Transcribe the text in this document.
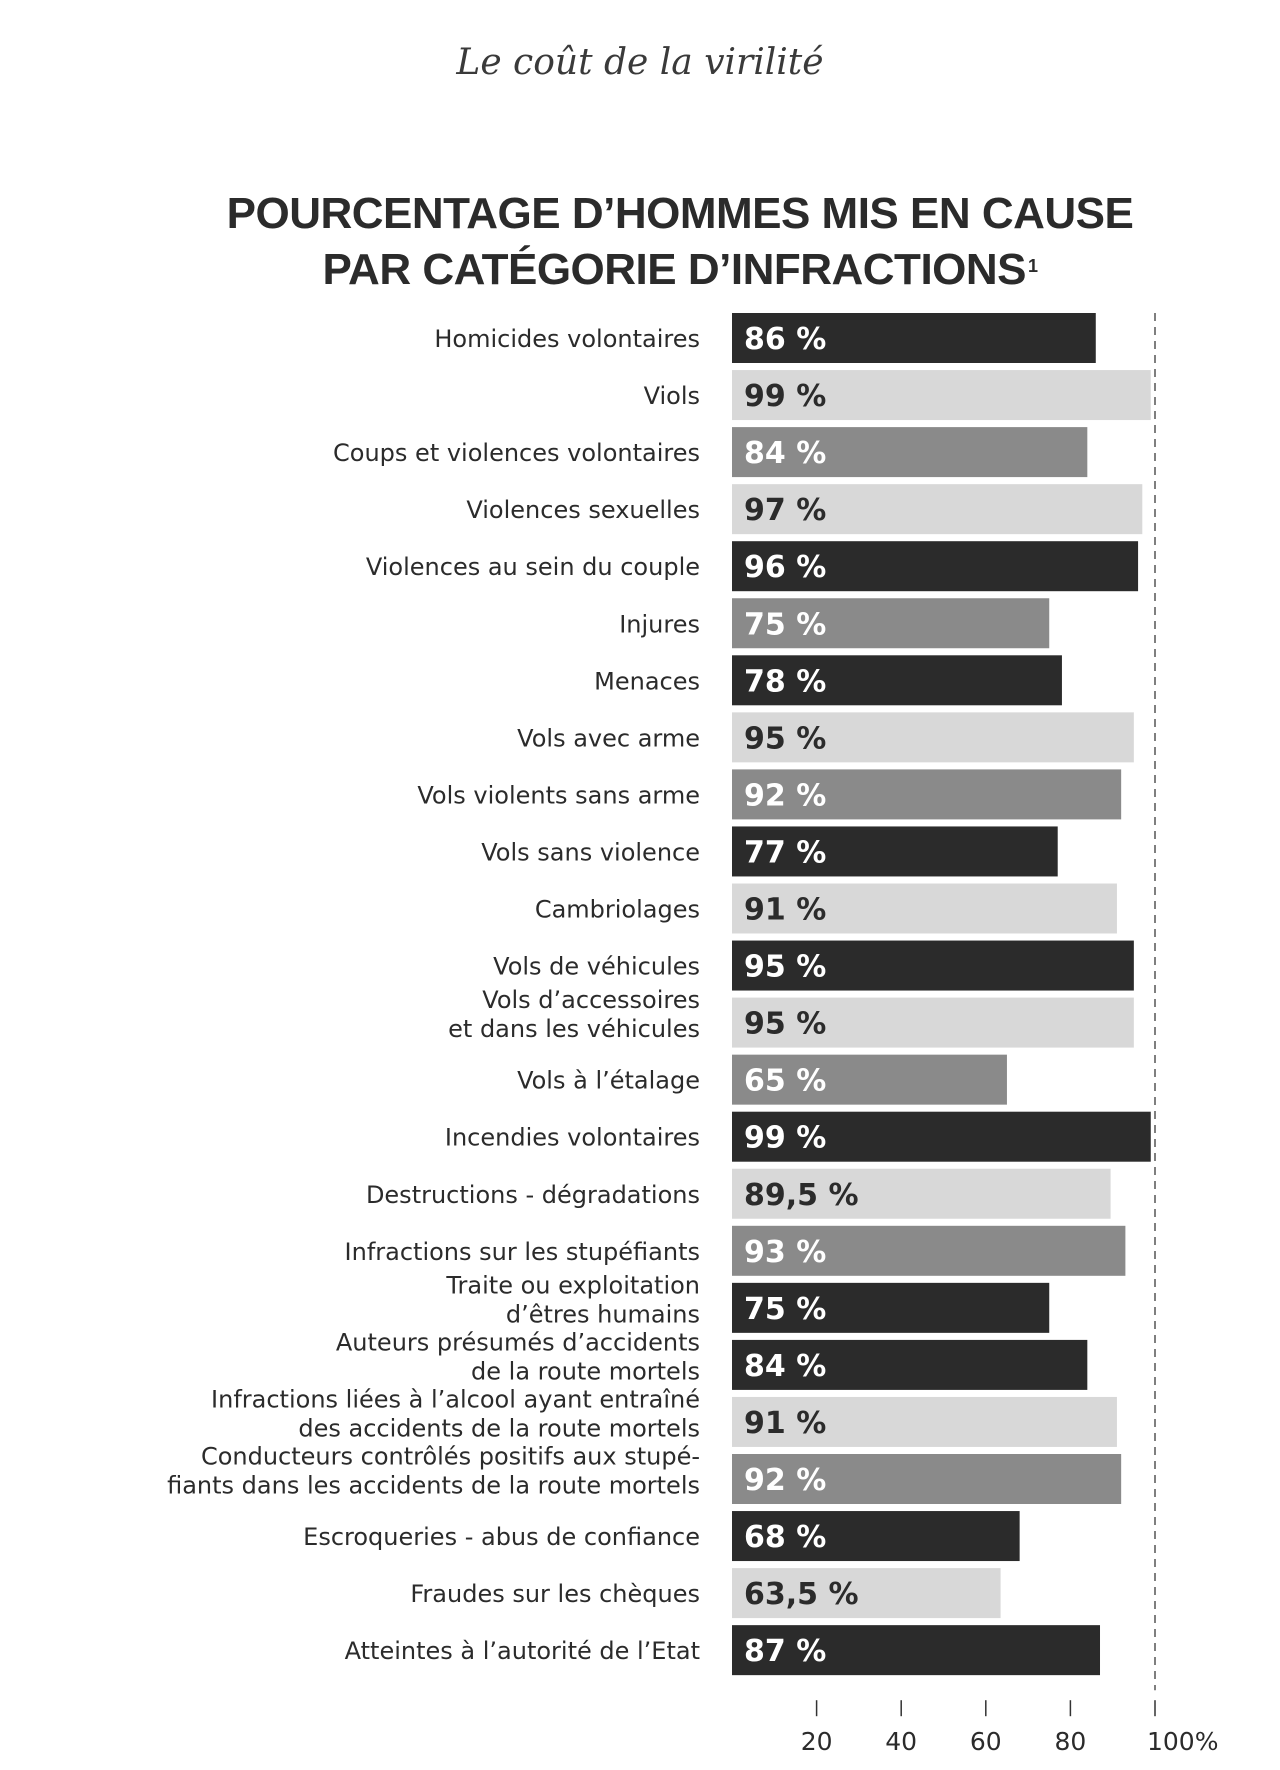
Le coût de la virilité
POURCENTAGE D’HOMMES MIS EN CAUSE
PAR CATÉGORIE D’INFRACTIONS $^1$
86 %
Homicides volontaires
99 %
Viols
84 %
Coups et violences volontaires
97 %
Violences sexuelles
96 %
Violences au sein du couple
75 %
Injures
78 %
Menaces
95 %
Vols avec arme
92 %
Vols violents sans arme
77 %
Vols sans violence
91 %
Cambriolages
95 %
Vols de véhicules
95 %
Vols d’accessoires
et dans les véhicules
65 %
Vols à l’étalage
99 %
Incendies volontaires
89,5 %
Destructions - dégradations
93 %
Infractions sur les stupéfiants
75 %
Traite ou exploitation
d’êtres humains
84 %
Auteurs présumés d’accidents
de la route mortels
91 %
Infractions liées à l’alcool ayant entraîné
des accidents de la route mortels
92 %
Conducteurs contrôlés positifs aux stupé-
fiants dans les accidents de la route mortels
68 %
Escroqueries - abus de confiance
63,5 %
Fraudes sur les chèques
87 %
Atteintes à l’autorité de l’Etat
20 40 60 80 100%
